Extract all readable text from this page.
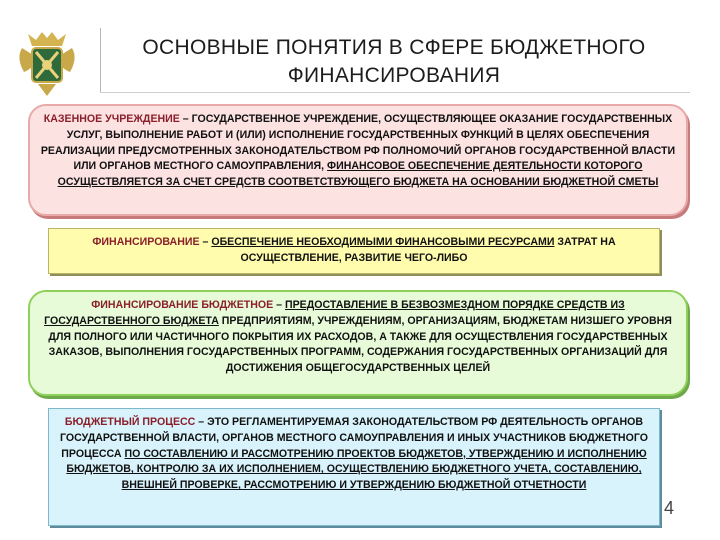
ОСНОВНЫЕ ПОНЯТИЯ В СФЕРЕ БЮДЖЕТНОГО
ФИНАНСИРОВАНИЯ
КАЗЕННОЕ УЧРЕЖДЕНИЕ – ГОСУДАРСТВЕННОЕ УЧРЕЖДЕНИЕ, ОСУЩЕСТВЛЯЮЩЕЕ ОКАЗАНИЕ ГОСУДАРСТВЕННЫХ УСЛУГ, ВЫПОЛНЕНИЕ РАБОТ И (ИЛИ) ИСПОЛНЕНИЕ ГОСУДАРСТВЕННЫХ ФУНКЦИЙ В ЦЕЛЯХ ОБЕСПЕЧЕНИЯ РЕАЛИЗАЦИИ ПРЕДУСМОТРЕННЫХ ЗАКОНОДАТЕЛЬСТВОМ РФ ПОЛНОМОЧИЙ ОРГАНОВ ГОСУДАРСТВЕННОЙ ВЛАСТИ ИЛИ ОРГАНОВ МЕСТНОГО САМОУПРАВЛЕНИЯ, ФИНАНСОВОЕ ОБЕСПЕЧЕНИЕ ДЕЯТЕЛЬНОСТИ КОТОРОГО ОСУЩЕСТВЛЯЕТСЯ ЗА СЧЕТ СРЕДСТВ СООТВЕТСТВУЮЩЕГО БЮДЖЕТА НА ОСНОВАНИИ БЮДЖЕТНОЙ СМЕТЫ
ФИНАНСИРОВАНИЕ – ОБЕСПЕЧЕНИЕ НЕОБХОДИМЫМИ ФИНАНСОВЫМИ РЕСУРСАМИ ЗАТРАТ НА ОСУЩЕСТВЛЕНИЕ, РАЗВИТИЕ ЧЕГО-ЛИБО
ФИНАНСИРОВАНИЕ БЮДЖЕТНОЕ – ПРЕДОСТАВЛЕНИЕ В БЕЗВОЗМЕЗДНОМ ПОРЯДКЕ СРЕДСТВ ИЗ ГОСУДАРСТВЕННОГО БЮДЖЕТА ПРЕДПРИЯТИЯМ, УЧРЕЖДЕНИЯМ, ОРГАНИЗАЦИЯМ, БЮДЖЕТАМ НИЗШЕГО УРОВНЯ ДЛЯ ПОЛНОГО ИЛИ ЧАСТИЧНОГО ПОКРЫТИЯ ИХ РАСХОДОВ, А ТАКЖЕ ДЛЯ ОСУЩЕСТВЛЕНИЯ ГОСУДАРСТВЕННЫХ ЗАКАЗОВ, ВЫПОЛНЕНИЯ ГОСУДАРСТВЕННЫХ ПРОГРАММ, СОДЕРЖАНИЯ ГОСУДАРСТВЕННЫХ ОРГАНИЗАЦИЙ ДЛЯ ДОСТИЖЕНИЯ ОБЩЕГОСУДАРСТВЕННЫХ ЦЕЛЕЙ
БЮДЖЕТНЫЙ ПРОЦЕСС – ЭТО РЕГЛАМЕНТИРУЕМАЯ ЗАКОНОДАТЕЛЬСТВОМ РФ ДЕЯТЕЛЬНОСТЬ ОРГАНОВ ГОСУДАРСТВЕННОЙ ВЛАСТИ, ОРГАНОВ МЕСТНОГО САМОУПРАВЛЕНИЯ И ИНЫХ УЧАСТНИКОВ БЮДЖЕТНОГО ПРОЦЕССА ПО СОСТАВЛЕНИЮ И РАССМОТРЕНИЮ ПРОЕКТОВ БЮДЖЕТОВ, УТВЕРЖДЕНИЮ И ИСПОЛНЕНИЮ БЮДЖЕТОВ, КОНТРОЛЮ ЗА ИХ ИСПОЛНЕНИЕМ, ОСУЩЕСТВЛЕНИЮ БЮДЖЕТНОГО УЧЕТА, СОСТАВЛЕНИЮ, ВНЕШНЕЙ ПРОВЕРКЕ, РАССМОТРЕНИЮ И УТВЕРЖДЕНИЮ БЮДЖЕТНОЙ ОТЧЕТНОСТИ
4
